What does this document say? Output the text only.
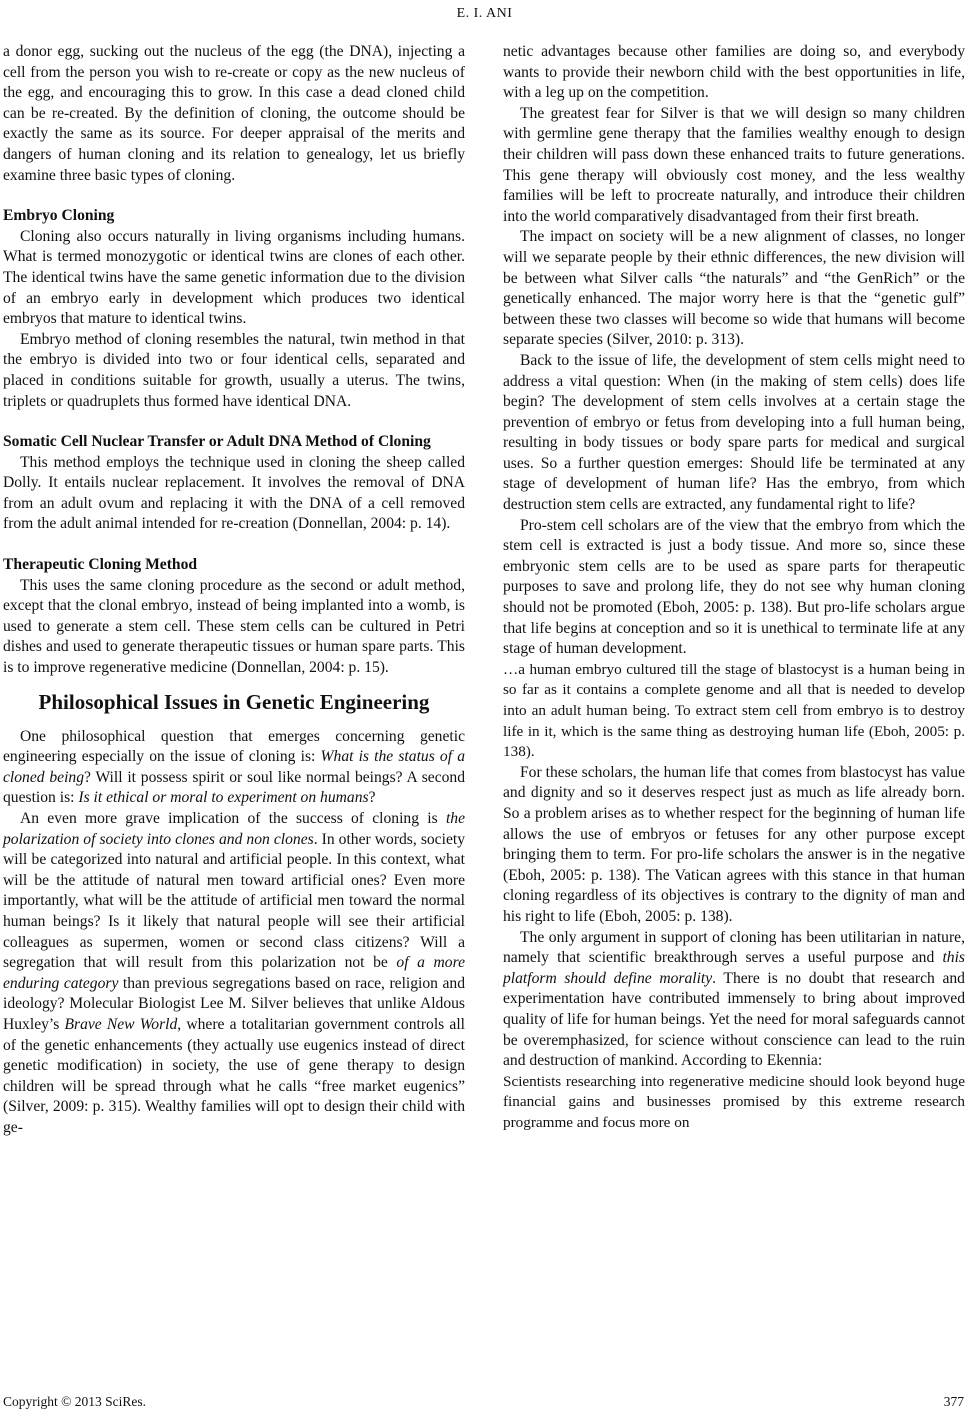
E. I. ANI

a donor egg, sucking out the nucleus of the egg (the DNA), injecting a cell from the person you wish to re-create or copy as the new nucleus of the egg, and encouraging this to grow. In this case a dead cloned child can be re-created. By the definition of cloning, the outcome should be exactly the same as its source. For deeper appraisal of the merits and dangers of human cloning and its relation to genealogy, let us briefly examine three basic types of cloning.

Embryo Cloning

Cloning also occurs naturally in living organisms including humans. What is termed monozygotic or identical twins are clones of each other. The identical twins have the same genetic information due to the division of an embryo early in development which produces two identical embryos that mature to identical twins.

Embryo method of cloning resembles the natural, twin method in that the embryo is divided into two or four identical cells, separated and placed in conditions suitable for growth, usually a uterus. The twins, triplets or quadruplets thus formed have identical DNA.

Somatic Cell Nuclear Transfer or Adult DNA Method of Cloning

This method employs the technique used in cloning the sheep called Dolly. It entails nuclear replacement. It involves the removal of DNA from an adult ovum and replacing it with the DNA of a cell removed from the adult animal intended for re-creation (Donnellan, 2004: p. 14).

Therapeutic Cloning Method

This uses the same cloning procedure as the second or adult method, except that the clonal embryo, instead of being implanted into a womb, is used to generate a stem cell. These stem cells can be cultured in Petri dishes and used to generate therapeutic tissues or human spare parts. This is to improve regenerative medicine (Donnellan, 2004: p. 15).

Philosophical Issues in Genetic Engineering

One philosophical question that emerges concerning genetic engineering especially on the issue of cloning is: What is the status of a cloned being? Will it possess spirit or soul like normal beings? A second question is: Is it ethical or moral to experiment on humans?

An even more grave implication of the success of cloning is the polarization of society into clones and non clones. In other words, society will be categorized into natural and artificial people. In this context, what will be the attitude of natural men toward artificial ones? Even more importantly, what will be the attitude of artificial men toward the normal human beings? Is it likely that natural people will see their artificial colleagues as supermen, women or second class citizens? Will a segregation that will result from this polarization not be of a more enduring category than previous segregations based on race, religion and ideology? Molecular Biologist Lee M. Silver believes that unlike Aldous Huxley’s Brave New World, where a totalitarian government controls all of the genetic enhancements (they actually use eugenics instead of direct genetic modification) in society, the use of gene therapy to design children will be spread through what he calls “free market eugenics” (Silver, 2009: p. 315). Wealthy families will opt to design their child with ge-

netic advantages because other families are doing so, and everybody wants to provide their newborn child with the best opportunities in life, with a leg up on the competition.

The greatest fear for Silver is that we will design so many children with germline gene therapy that the families wealthy enough to design their children will pass down these enhanced traits to future generations. This gene therapy will obviously cost money, and the less wealthy families will be left to procreate naturally, and introduce their children into the world comparatively disadvantaged from their first breath.

The impact on society will be a new alignment of classes, no longer will we separate people by their ethnic differences, the new division will be between what Silver calls “the naturals” and “the GenRich” or the genetically enhanced. The major worry here is that the “genetic gulf” between these two classes will become so wide that humans will become separate species (Silver, 2010: p. 313).

Back to the issue of life, the development of stem cells might need to address a vital question: When (in the making of stem cells) does life begin? The development of stem cells involves at a certain stage the prevention of embryo or fetus from developing into a full human being, resulting in body tissues or body spare parts for medical and surgical uses. So a further question emerges: Should life be terminated at any stage of development of human life? Has the embryo, from which destruction stem cells are extracted, any fundamental right to life?

Pro-stem cell scholars are of the view that the embryo from which the stem cell is extracted is just a body tissue. And more so, since these embryonic stem cells are to be used as spare parts for therapeutic purposes to save and prolong life, they do not see why human cloning should not be promoted (Eboh, 2005: p. 138). But pro-life scholars argue that life begins at conception and so it is unethical to terminate life at any stage of human development.

…a human embryo cultured till the stage of blastocyst is a human being in so far as it contains a complete genome and all that is needed to develop into an adult human being. To extract stem cell from embryo is to destroy life in it, which is the same thing as destroying human life (Eboh, 2005: p. 138).

For these scholars, the human life that comes from blastocyst has value and dignity and so it deserves respect just as much as life already born. So a problem arises as to whether respect for the beginning of human life allows the use of embryos or fetuses for any other purpose except bringing them to term. For pro-life scholars the answer is in the negative (Eboh, 2005: p. 138). The Vatican agrees with this stance in that human cloning regardless of its objectives is contrary to the dignity of man and his right to life (Eboh, 2005: p. 138).

The only argument in support of cloning has been utilitarian in nature, namely that scientific breakthrough serves a useful purpose and this platform should define morality. There is no doubt that research and experimentation have contributed immensely to bring about improved quality of life for human beings. Yet the need for moral safeguards cannot be overemphasized, for science without conscience can lead to the ruin and destruction of mankind. According to Ekennia:

Scientists researching into regenerative medicine should look beyond huge financial gains and businesses promised by this extreme research programme and focus more on

Copyright © 2013 SciRes.	377
